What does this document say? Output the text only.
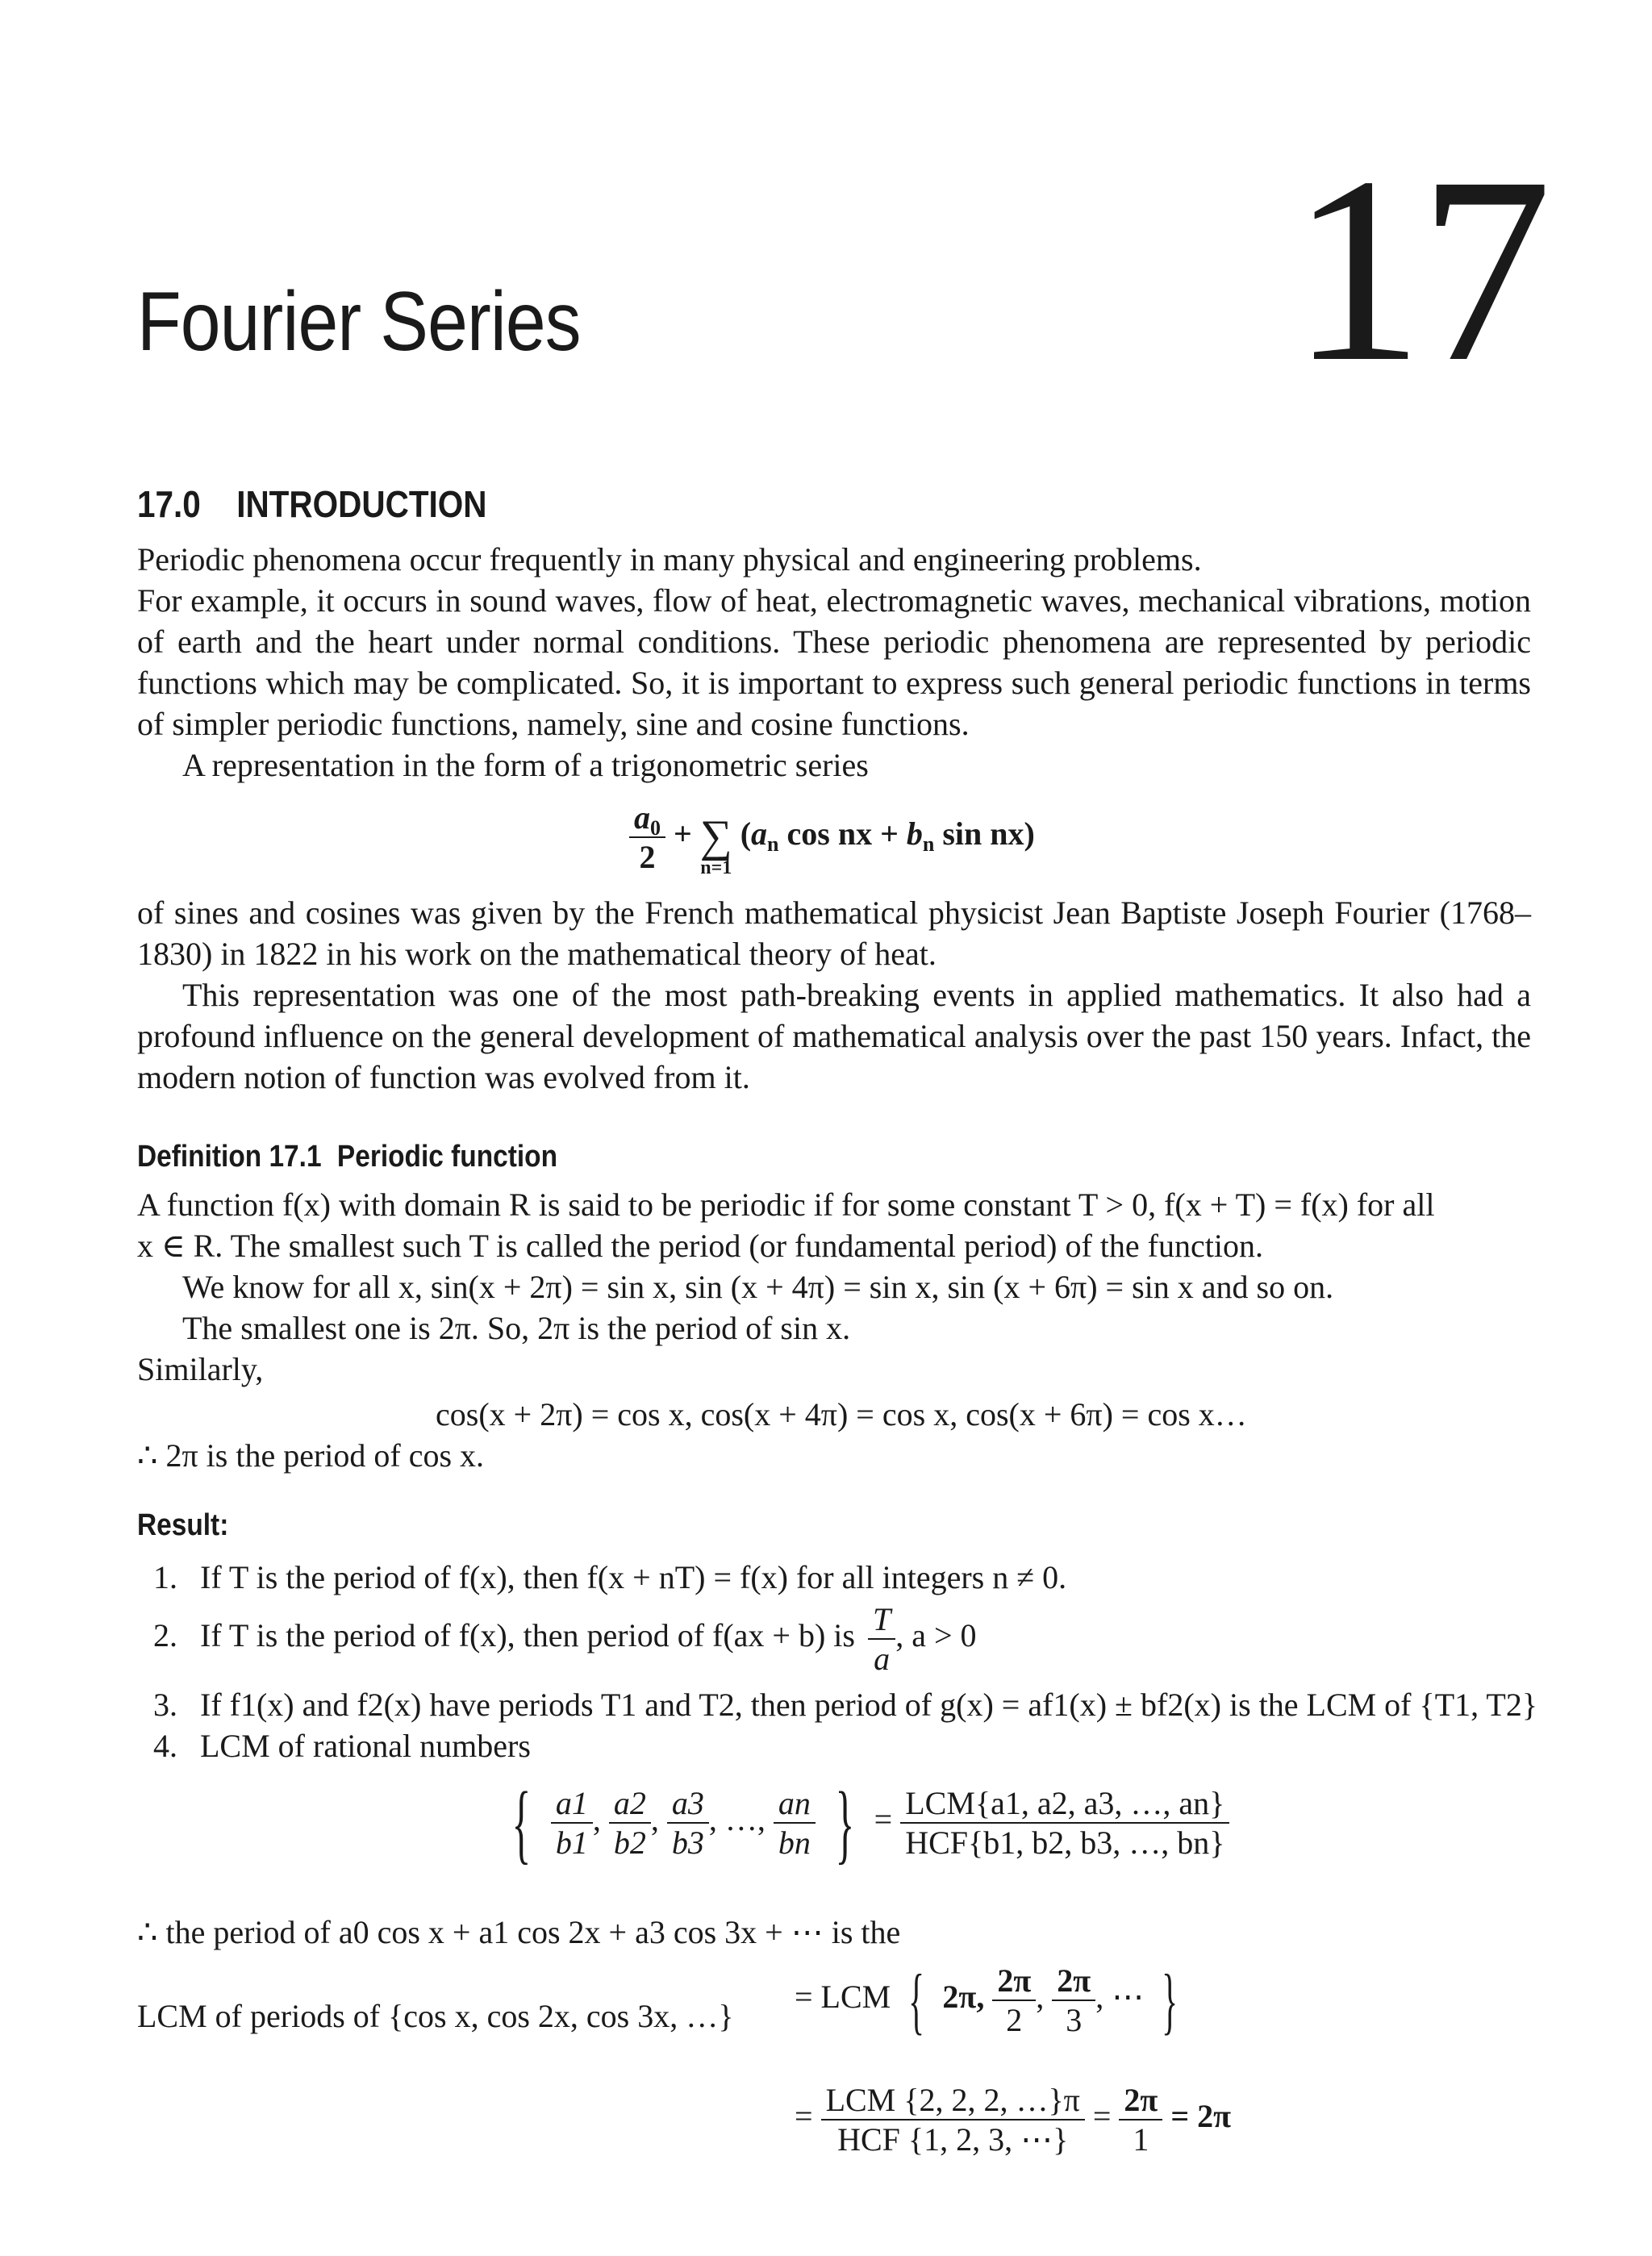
Fourier Series	17
17.0 INTRODUCTION
Periodic phenomena occur frequently in many physical and engineering problems.
For example, it occurs in sound waves, flow of heat, electromagnetic waves, mechanical vibrations, motion of earth and the heart under normal conditions. These periodic phenomena are represented by periodic functions which may be complicated. So, it is important to express such general periodic functions in terms of simpler periodic functions, namely, sine and cosine functions.
A representation in the form of a trigonometric series
$\frac{a_0}{2}$ + ∑
n=1
($a_n$ cos nx + $b_n$ sin nx)
of sines and cosines was given by the French mathematical physicist Jean Baptiste Joseph Fourier (1768–1830) in 1822 in his work on the mathematical theory of heat.
This representation was one of the most path-breaking events in applied mathematics. It also had a profound influence on the general development of mathematical analysis over the past 150 years. Infact, the modern notion of function was evolved from it.
Definition 17.1 Periodic function
A function f(x) with domain R is said to be periodic if for some constant T > 0, f(x + T) = f(x) for all
x ∈ R. The smallest such T is called the period (or fundamental period) of the function.
We know for all x, sin(x + 2π) = sin x, sin (x + 4π) = sin x, sin (x + 6π) = sin x and so on.
The smallest one is 2π. So, 2π is the period of sin x.
Similarly,
cos(x + 2π) = cos x, cos(x + 4π) = cos x, cos(x + 6π) = cos x…
∴ 2π is the period of cos x.
Result:
1. If T is the period of f(x), then f(x + nT) = f(x) for all integers n ≠ 0.
2. If T is the period of f(x), then period of f(ax + b) is $\frac{T}{a}$ , a > 0
3. If f1(x) and f2(x) have periods T1 and T2, then period of g(x) = af1(x) ± bf2(x) is the LCM of {T1, T2}
4. LCM of rational numbers
{ $\frac{a1}{b1}$ , $\frac{a2}{b2}$ , $\frac{a3}{b3}$ , …, $\frac{an}{bn}$ } = $\frac{\text{LCM\{a1, a2, a3, …, an\}}}{\text{HCF\{b1, b2, b3, …, bn\}}}$
∴ the period of a0 cos x + a1 cos 2x + a3 cos 3x + ⋯ is the
LCM of periods of {cos x, cos 2x, cos 3x, …}
= LCM { 2π, $\frac{2\pi}{2}$ , $\frac{2\pi}{3}$ , ⋯ }
= $\frac{\text{LCM \{2, 2, 2, …\}π}}{\text{HCF \{1, 2, 3, ⋯\}}} = \frac{2\pi}{1} = 2\pi$
